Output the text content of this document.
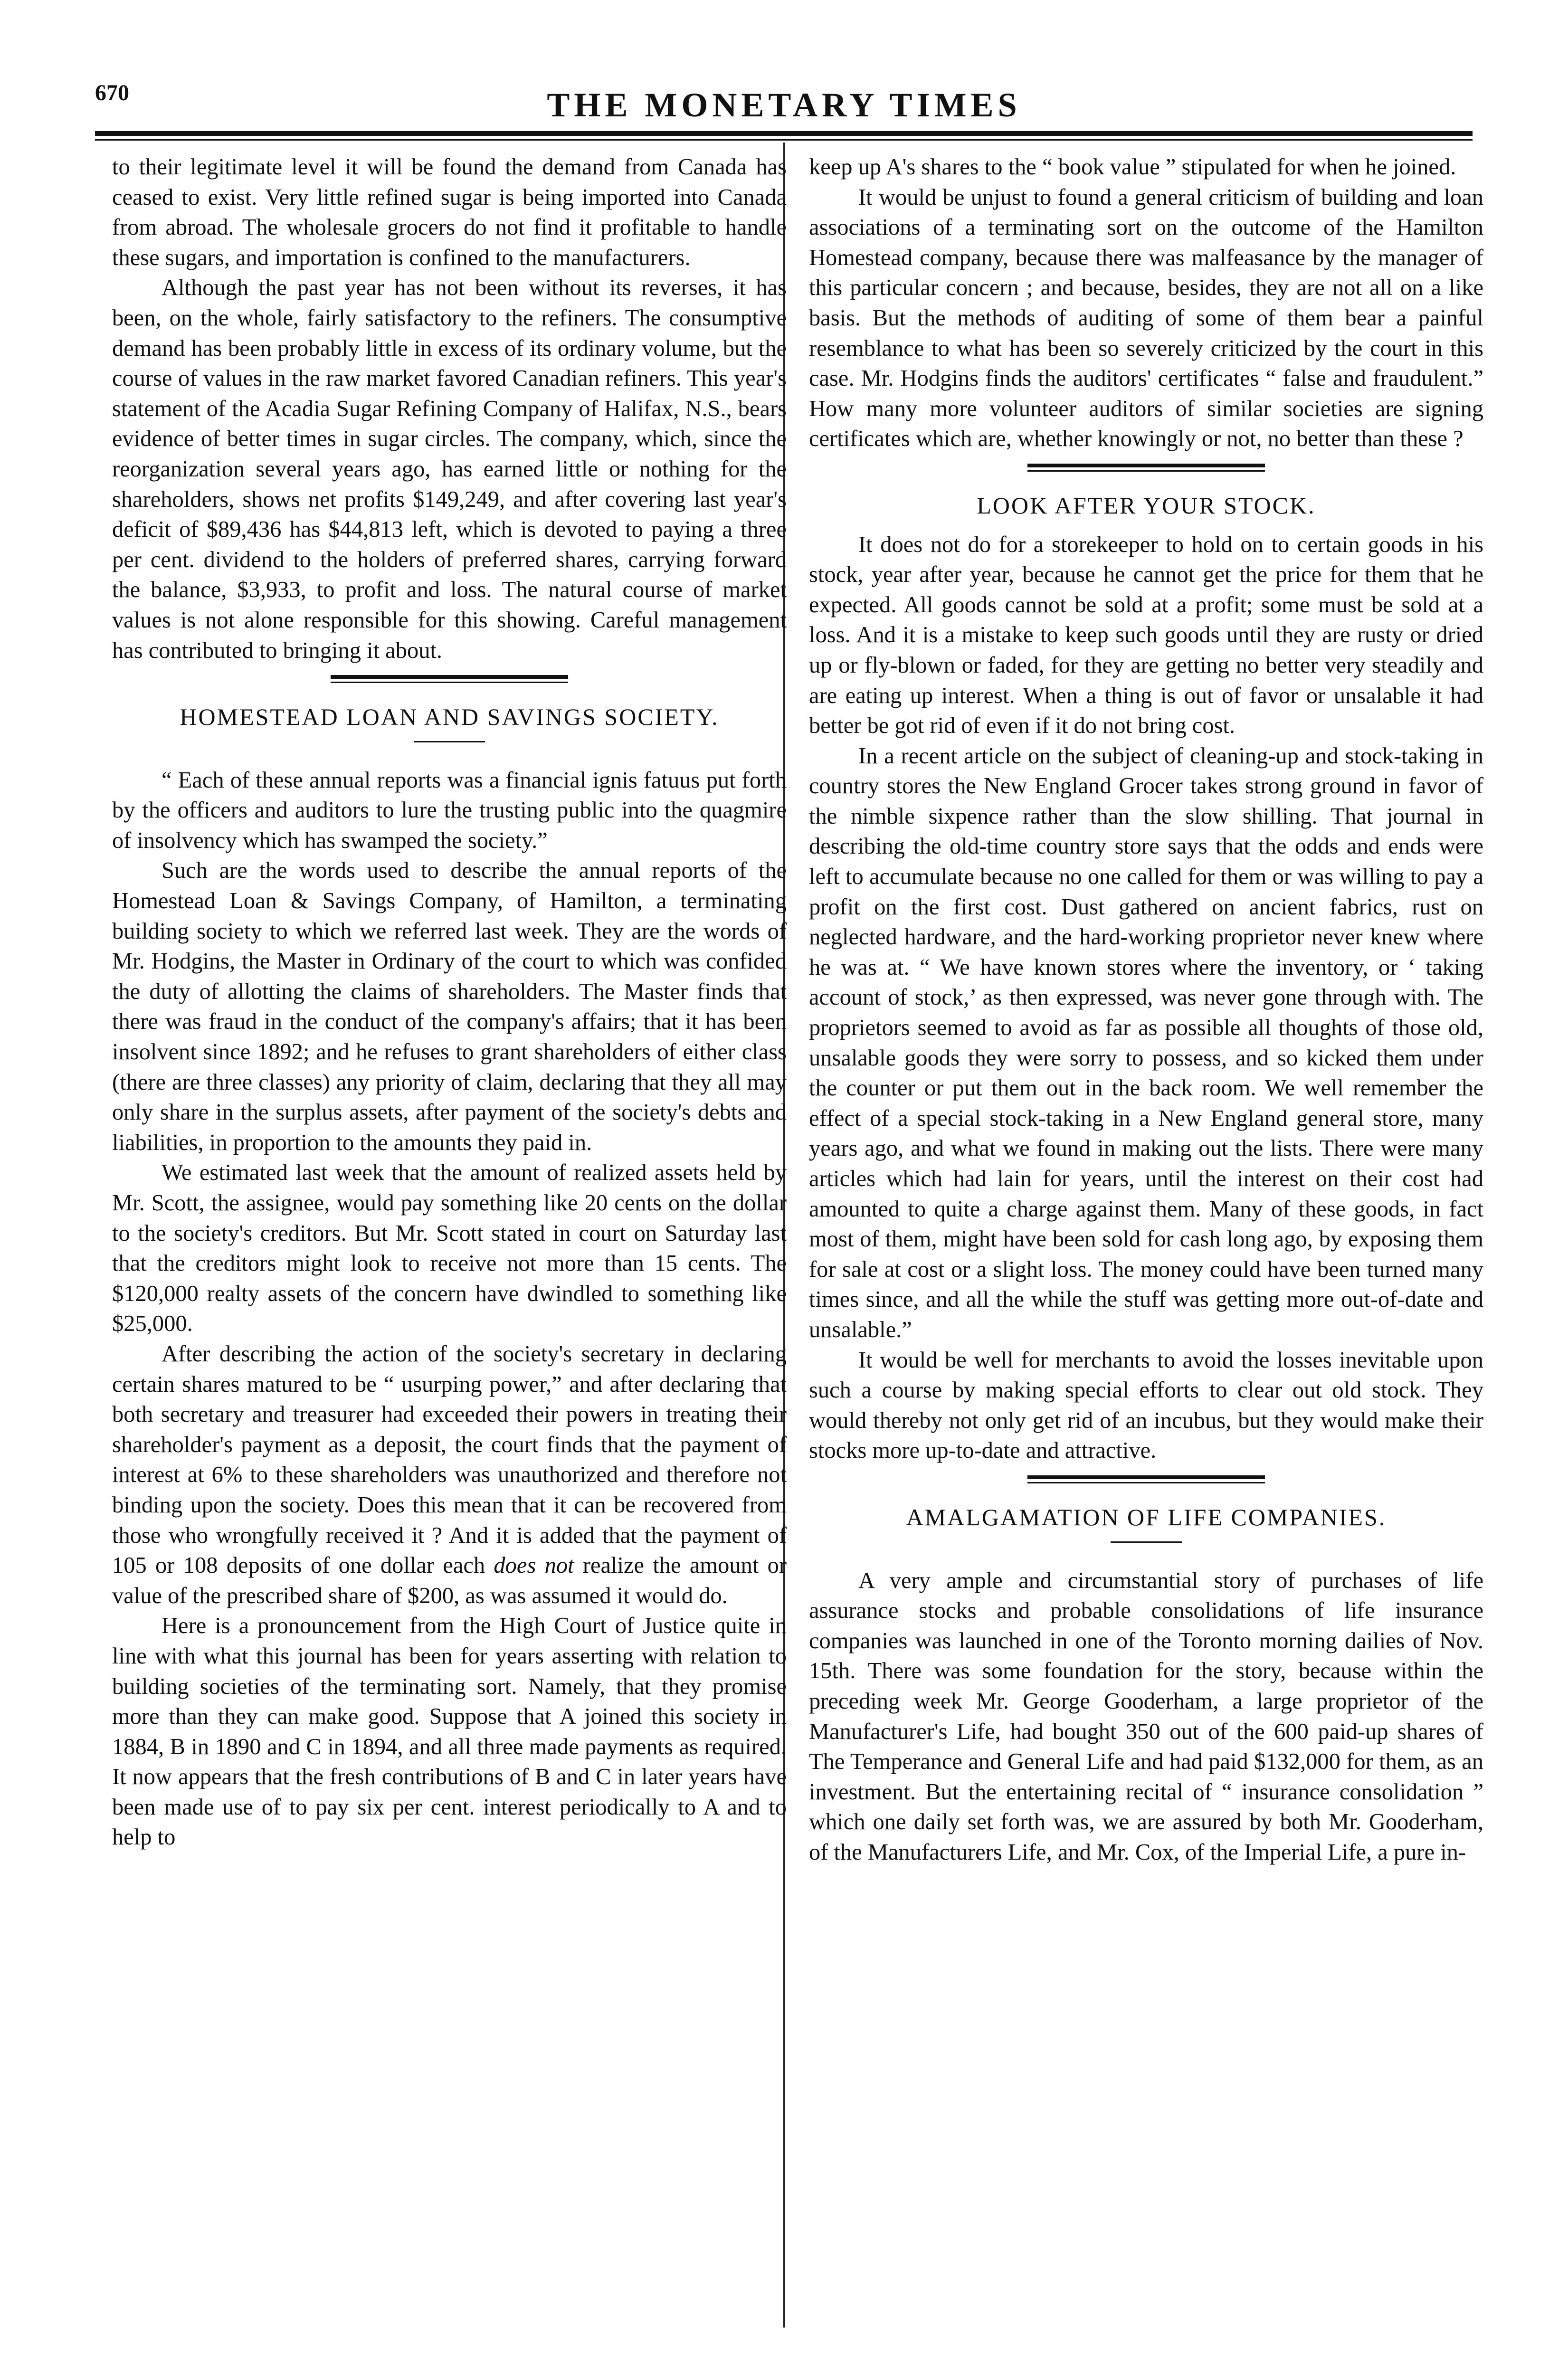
670	THE MONETARY TIMES

to their legitimate level it will be found the demand from Canada has ceased to exist. Very little refined sugar is being imported into Canada from abroad. The wholesale grocers do not find it profitable to handle these sugars, and importation is confined to the manufacturers.

Although the past year has not been without its reverses, it has been, on the whole, fairly satisfactory to the refiners. The consumptive demand has been probably little in excess of its ordinary volume, but the course of values in the raw market favored Canadian refiners. This year's statement of the Acadia Sugar Refining Company of Halifax, N.S., bears evidence of better times in sugar circles. The company, which, since the reorganization several years ago, has earned little or nothing for the shareholders, shows net profits $149,249, and after covering last year's deficit of $89,436 has $44,813 left, which is devoted to paying a three per cent. dividend to the holders of preferred shares, carrying forward the balance, $3,933, to profit and loss. The natural course of market values is not alone responsible for this showing. Careful management has contributed to bringing it about.

HOMESTEAD LOAN AND SAVINGS SOCIETY.

“ Each of these annual reports was a financial ignis fatuus put forth by the officers and auditors to lure the trusting public into the quagmire of insolvency which has swamped the society.”

Such are the words used to describe the annual reports of the Homestead Loan & Savings Company, of Hamilton, a terminating building society to which we referred last week. They are the words of Mr. Hodgins, the Master in Ordinary of the court to which was confided the duty of allotting the claims of shareholders. The Master finds that there was fraud in the conduct of the company's affairs; that it has been insolvent since 1892; and he refuses to grant shareholders of either class (there are three classes) any priority of claim, declaring that they all may only share in the surplus assets, after payment of the society's debts and liabilities, in proportion to the amounts they paid in.

We estimated last week that the amount of realized assets held by Mr. Scott, the assignee, would pay something like 20 cents on the dollar to the society's creditors. But Mr. Scott stated in court on Saturday last that the creditors might look to receive not more than 15 cents. The $120,000 realty assets of the concern have dwindled to something like $25,000.

After describing the action of the society's secretary in declaring certain shares matured to be “ usurping power,” and after declaring that both secretary and treasurer had exceeded their powers in treating their shareholder's payment as a deposit, the court finds that the payment of interest at 6% to these shareholders was unauthorized and therefore not binding upon the society. Does this mean that it can be recovered from those who wrongfully received it ? And it is added that the payment of 105 or 108 deposits of one dollar each does not realize the amount or value of the prescribed share of $200, as was assumed it would do.

Here is a pronouncement from the High Court of Justice quite in line with what this journal has been for years asserting with relation to building societies of the terminating sort. Namely, that they promise more than they can make good. Suppose that A joined this society in 1884, B in 1890 and C in 1894, and all three made payments as required. It now appears that the fresh contributions of B and C in later years have been made use of to pay six per cent. interest periodically to A and to help to

keep up A's shares to the “ book value ” stipulated for when he joined.

It would be unjust to found a general criticism of building and loan associations of a terminating sort on the outcome of the Hamilton Homestead company, because there was malfeasance by the manager of this particular concern ; and because, besides, they are not all on a like basis. But the methods of auditing of some of them bear a painful resemblance to what has been so severely criticized by the court in this case. Mr. Hodgins finds the auditors' certificates “ false and fraudulent.” How many more volunteer auditors of similar societies are signing certificates which are, whether knowingly or not, no better than these ?

LOOK AFTER YOUR STOCK.

It does not do for a storekeeper to hold on to certain goods in his stock, year after year, because he cannot get the price for them that he expected. All goods cannot be sold at a profit; some must be sold at a loss. And it is a mistake to keep such goods until they are rusty or dried up or fly-blown or faded, for they are getting no better very steadily and are eating up interest. When a thing is out of favor or unsalable it had better be got rid of even if it do not bring cost.

In a recent article on the subject of cleaning-up and stock-taking in country stores the New England Grocer takes strong ground in favor of the nimble sixpence rather than the slow shilling. That journal in describing the old-time country store says that the odds and ends were left to accumulate because no one called for them or was willing to pay a profit on the first cost. Dust gathered on ancient fabrics, rust on neglected hardware, and the hard-working proprietor never knew where he was at. “ We have known stores where the inventory, or ‘ taking account of stock,’ as then expressed, was never gone through with. The proprietors seemed to avoid as far as possible all thoughts of those old, unsalable goods they were sorry to possess, and so kicked them under the counter or put them out in the back room. We well remember the effect of a special stock-taking in a New England general store, many years ago, and what we found in making out the lists. There were many articles which had lain for years, until the interest on their cost had amounted to quite a charge against them. Many of these goods, in fact most of them, might have been sold for cash long ago, by exposing them for sale at cost or a slight loss. The money could have been turned many times since, and all the while the stuff was getting more out-of-date and unsalable.”

It would be well for merchants to avoid the losses inevitable upon such a course by making special efforts to clear out old stock. They would thereby not only get rid of an incubus, but they would make their stocks more up-to-date and attractive.

AMALGAMATION OF LIFE COMPANIES.

A very ample and circumstantial story of purchases of life assurance stocks and probable consolidations of life insurance companies was launched in one of the Toronto morning dailies of Nov. 15th. There was some foundation for the story, because within the preceding week Mr. George Gooderham, a large proprietor of the Manufacturer's Life, had bought 350 out of the 600 paid-up shares of The Temperance and General Life and had paid $132,000 for them, as an investment. But the entertaining recital of “ insurance consolidation ” which one daily set forth was, we are assured by both Mr. Gooderham, of the Manufacturers Life, and Mr. Cox, of the Imperial Life, a pure in-
